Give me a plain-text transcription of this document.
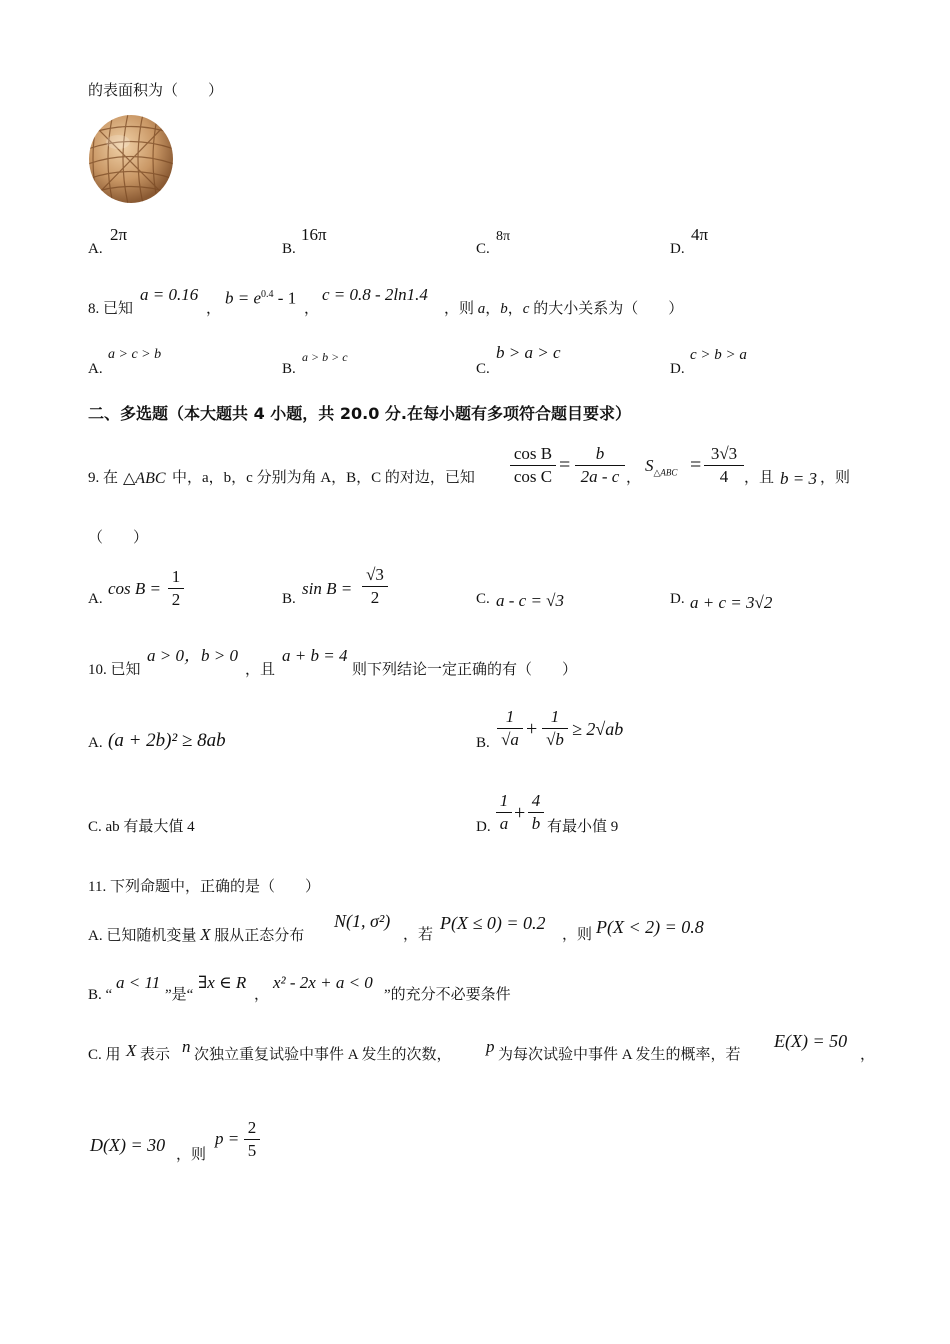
的表面积为（　　）
A.
2π
B.
16π
C.
8π
D.
4π
8. 已知
a = 0.16
，
$b = e^{0.4} - 1$
，
c = 0.8 - 2ln1.4
，则 a，b，c 的大小关系为（　　）
A.
a > c > b
B.
a > b > c
C.
b > a > c
D.
c > b > a
二、多选题（本大题共 4 小题，共 20.0 分.在每小题有多项符合题目要求）
9. 在 △ABC 中，a，b，c 分别为角 A，B，C 的对边，已知
cos B
cos C
=
b
2a - c ，
$S_{\triangle ABC}$ =
3√3
4	，且 b = 3 ，则
（　　）
A.
cos B =
1
2	B.
sin B =
√3
2	C. a - c = √3	D. a + c = 3√2
10. 已知
a > 0，b > 0
，且
a + b = 4
则下列结论一定正确的有（　　）
A. (a + 2b)² ≥ 8ab	B.
1
√a +
1
√b
≥ 2√ab
C. ab 有最大值 4	D.
1
a +
4
b 有最小值 9
11. 下列命题中，正确的是（　　）
A. 已知随机变量 X 服从正态分布
N(1, σ²)
，若
P(X ≤ 0) = 0.2
，则 P(X < 2) = 0.8
B. “
a < 11
”是“
∃x ∈ R
，
x² - 2x + a < 0
”的充分不必要条件
C. 用 X 表示 n 次独立重复试验中事件 A 发生的次数， p 为每次试验中事件 A 发生的概率，若
E(X) = 50
，
D(X) = 30 ，则
p =
2
5
